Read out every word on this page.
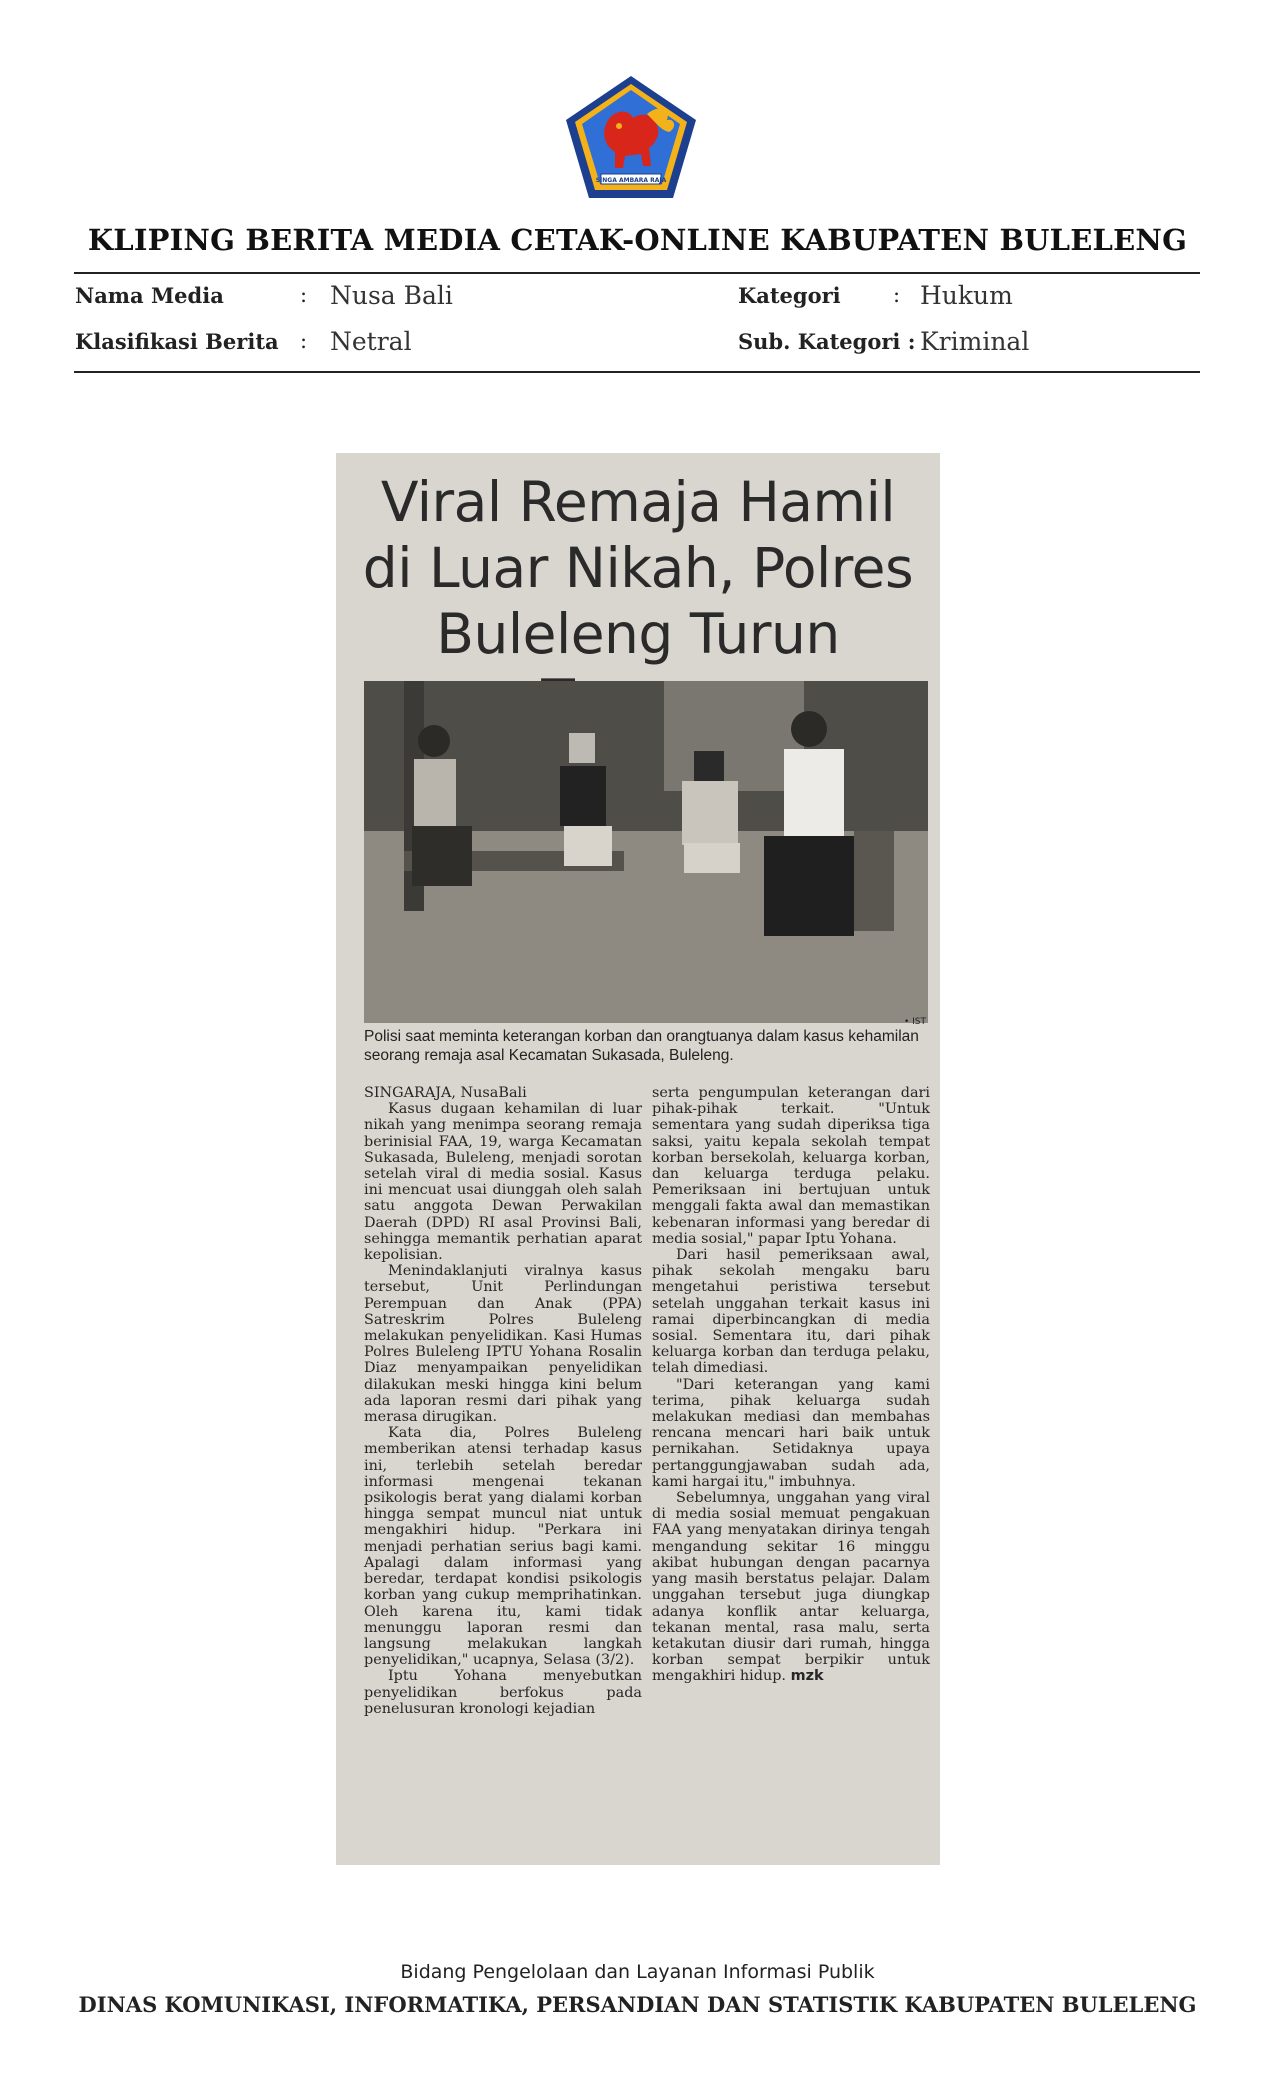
SINGA AMBARA RAJA
KLIPING BERITA MEDIA CETAK-ONLINE KABUPATEN BULELENG
Nama Media	: Nusa Bali
Klasifikasi Berita : Netral
Kategori : Hukum
Sub. Kategori : Kriminal
Viral Remaja Hamil
di Luar Nikah, Polres
Buleleng Turun
• IST
Polisi saat meminta keterangan korban dan orangtuanya dalam kasus kehamilan seorang remaja asal Kecamatan Sukasada, Buleleng.

SINGARAJA, NusaBali

Kasus dugaan kehamilan di luar nikah yang menimpa seorang remaja berinisial FAA, 19, warga Kecamatan Sukasada, Buleleng, menjadi sorotan setelah viral di media sosial. Kasus ini mencuat usai diunggah oleh salah satu anggota Dewan Perwakilan Daerah (DPD) RI asal Provinsi Bali, sehingga memantik perhatian aparat kepolisian.

Menindaklanjuti viralnya kasus tersebut, Unit Perlindungan Perempuan dan Anak (PPA) Satreskrim Polres Buleleng melakukan penyelidikan. Kasi Humas Polres Buleleng IPTU Yohana Rosalin Diaz menyampaikan penyelidikan dilakukan meski hingga kini belum ada laporan resmi dari pihak yang merasa dirugikan.

Kata dia, Polres Buleleng memberikan atensi terhadap kasus ini, terlebih setelah beredar informasi mengenai tekanan psikologis berat yang dialami korban hingga sempat muncul niat untuk mengakhiri hidup. "Perkara ini menjadi perhatian serius bagi kami. Apalagi dalam informasi yang beredar, terdapat kondisi psikologis korban yang cukup memprihatinkan. Oleh karena itu, kami tidak menunggu laporan resmi dan langsung melakukan langkah penyelidikan," ucapnya, Selasa (3/2).

Iptu Yohana menyebutkan penyelidikan berfokus pada penelusuran kronologi kejadian

serta pengumpulan keterangan dari pihak-pihak terkait. "Untuk sementara yang sudah diperiksa tiga saksi, yaitu kepala sekolah tempat korban bersekolah, keluarga korban, dan keluarga terduga pelaku. Pemeriksaan ini bertujuan untuk menggali fakta awal dan memastikan kebenaran informasi yang beredar di media sosial," papar Iptu Yohana.

Dari hasil pemeriksaan awal, pihak sekolah mengaku baru mengetahui peristiwa tersebut setelah unggahan terkait kasus ini ramai diperbincangkan di media sosial. Sementara itu, dari pihak keluarga korban dan terduga pelaku, telah dimediasi.

"Dari keterangan yang kami terima, pihak keluarga sudah melakukan mediasi dan membahas rencana mencari hari baik untuk pernikahan. Setidaknya upaya pertanggungjawaban sudah ada, kami hargai itu," imbuhnya.

Sebelumnya, unggahan yang viral di media sosial memuat pengakuan FAA yang menyatakan dirinya tengah mengandung sekitar 16 minggu akibat hubungan dengan pacarnya yang masih berstatus pelajar. Dalam unggahan tersebut juga diungkap adanya konflik antar keluarga, tekanan mental, rasa malu, serta ketakutan diusir dari rumah, hingga korban sempat berpikir untuk mengakhiri hidup. mzk

Bidang Pengelolaan dan Layanan Informasi Publik
DINAS KOMUNIKASI, INFORMATIKA, PERSANDIAN DAN STATISTIK KABUPATEN BULELENG
